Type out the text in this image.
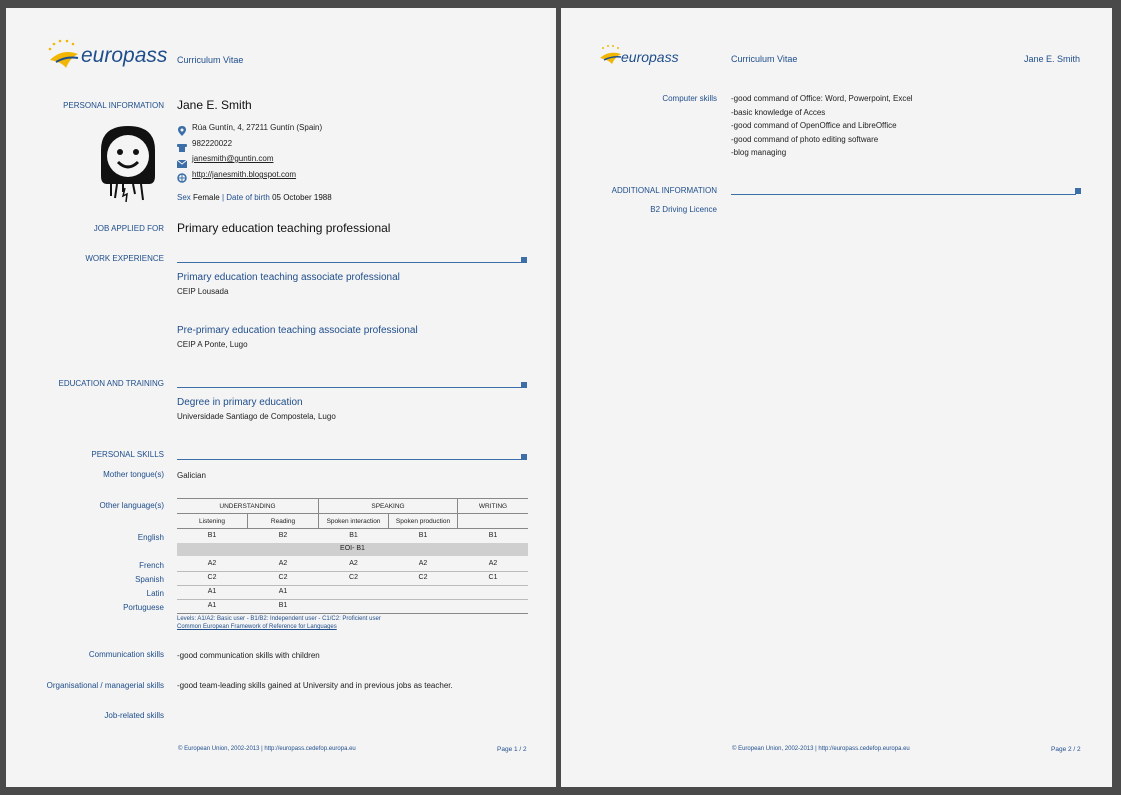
europass Curriculum Vitae
PERSONAL INFORMATION Jane E. Smith
Rúa Guntín, 4, 27211 Guntín (Spain)
982220022
janesmith@guntin.com
http://janesmith.blogspot.com
Sex Female | Date of birth 05 October 1988
JOB APPLIED FOR Primary education teaching professional
WORK EXPERIENCE
Primary education teaching associate professional
CEIP Lousada
Pre-primary education teaching associate professional
CEIP A Ponte, Lugo
EDUCATION AND TRAINING
Degree in primary education
Universidade Santiago de Compostela, Lugo
PERSONAL SKILLS
Mother tongue(s) Galician
Other language(s)	UNDERSTANDING	SPEAKING	WRITING
Listening	Reading	Spoken interaction	Spoken production
English	B1	B2	B1	B1	B1
EOI- B1
French	A2	A2	A2	A2	A2
Spanish	C2	C2	C2	C2	C1
Latin	A1	A1
Portuguese	A1	B1
Levels: A1/A2: Basic user - B1/B2: Independent user - C1/C2: Proficient user
Common European Framework of Reference for Languages
Communication skills -good communication skills with children
Organisational / managerial skills -good team-leading skills gained at University and in previous jobs as teacher.
Job-related skills
© European Union, 2002-2013 | http://europass.cedefop.europa.eu	Page 1 / 2
europass	Curriculum Vitae	Jane E. Smith
Computer skills -good command of Office: Word, Powerpoint, Excel
-basic knowledge of Acces
-good command of OpenOffice and LibreOffice
-good command of photo editing software
-blog managing
ADDITIONAL INFORMATION
B2 Driving Licence
© European Union, 2002-2013 | http://europass.cedefop.europa.eu	Page 2 / 2
